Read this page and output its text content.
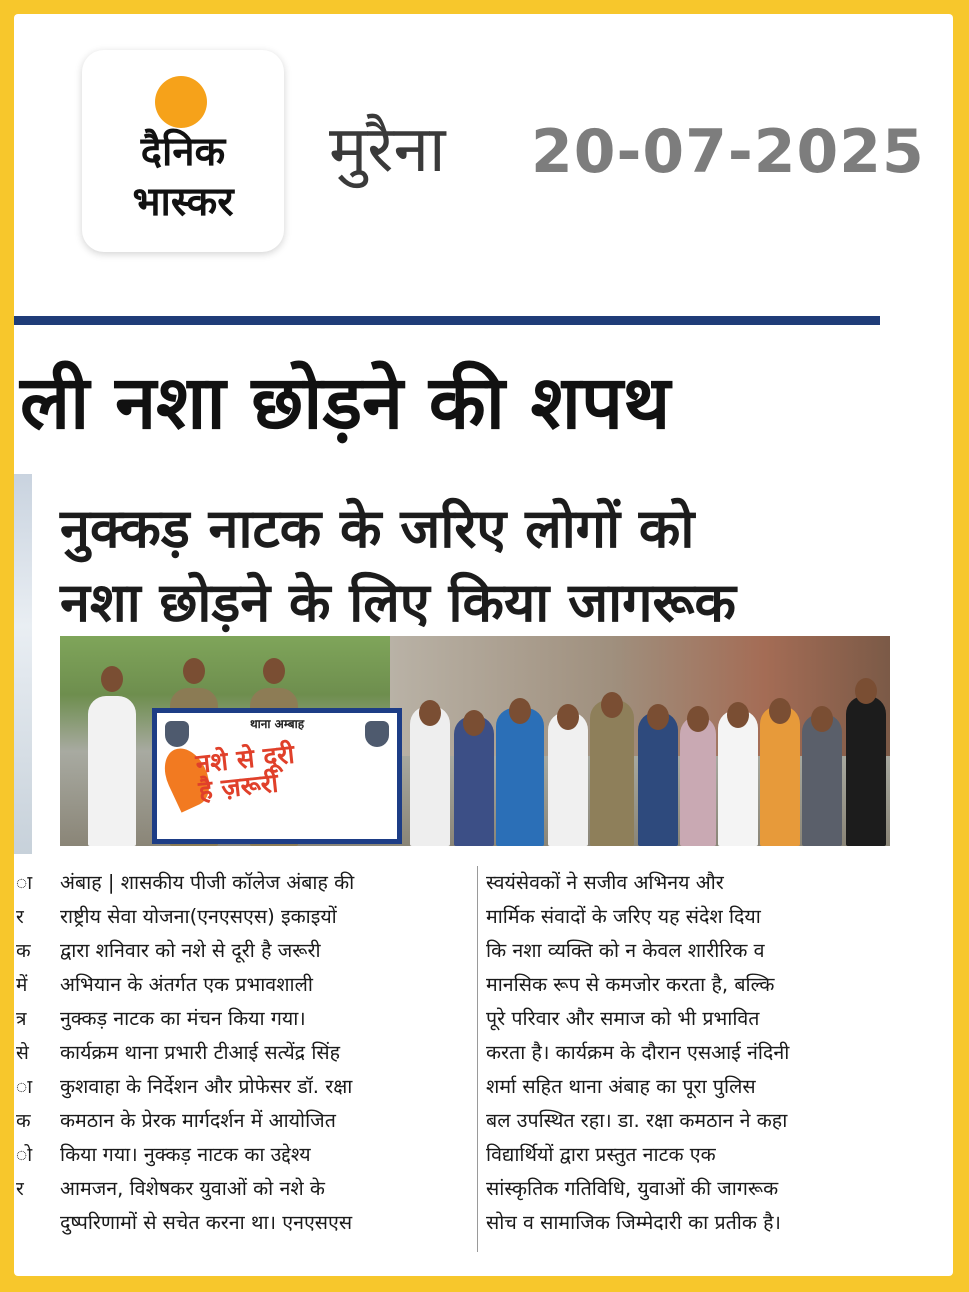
दैनिक
भास्कर
मुरैना 20-07-2025
ली नशा छोड़ने की शपथ
नुक्कड़ नाटक के जरिए लोगों को
नशा छोड़ने के लिए किया जागरूक
थाना अम्बाह
नशे से दूरी
है ज़रूरी
ा
र
क
में
त्र
से
ा
क
ो
र
अंबाह | शासकीय पीजी कॉलेज अंबाह की
राष्ट्रीय सेवा योजना(एनएसएस) इकाइयों
द्वारा शनिवार को नशे से दूरी है जरूरी
अभियान के अंतर्गत एक प्रभावशाली
नुक्कड़ नाटक का मंचन किया गया।
कार्यक्रम थाना प्रभारी टीआई सत्येंद्र सिंह
कुशवाहा के निर्देशन और प्रोफेसर डॉ. रक्षा
कमठान के प्रेरक मार्गदर्शन में आयोजित
किया गया। नुक्कड़ नाटक का उद्देश्य
आमजन, विशेषकर युवाओं को नशे के
दुष्परिणामों से सचेत करना था। एनएसएस
स्वयंसेवकों ने सजीव अभिनय और
मार्मिक संवादों के जरिए यह संदेश दिया
कि नशा व्यक्ति को न केवल शारीरिक व
मानसिक रूप से कमजोर करता है, बल्कि
पूरे परिवार और समाज को भी प्रभावित
करता है। कार्यक्रम के दौरान एसआई नंदिनी
शर्मा सहित थाना अंबाह का पूरा पुलिस
बल उपस्थित रहा। डा. रक्षा कमठान ने कहा
विद्यार्थियों द्वारा प्रस्तुत नाटक एक
सांस्कृतिक गतिविधि, युवाओं की जागरूक
सोच व सामाजिक जिम्मेदारी का प्रतीक है।
